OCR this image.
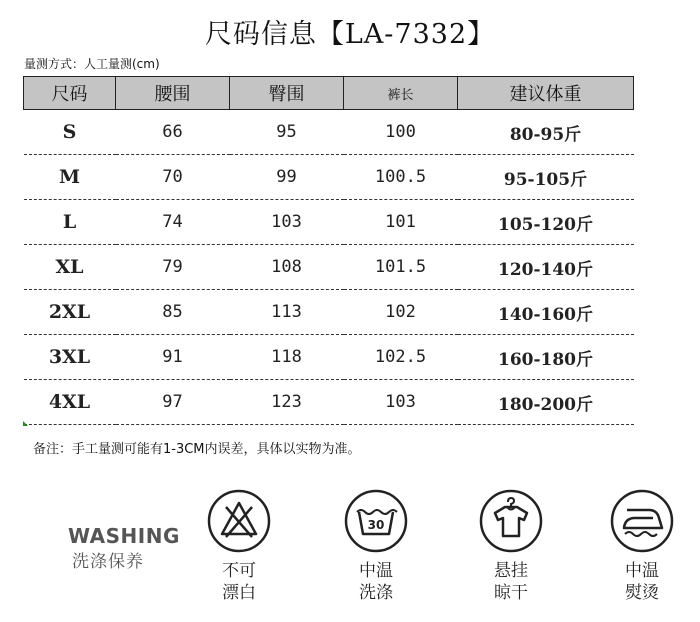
尺码信息【LA-7332】
量测方式：人工量测(cm)
尺码	腰围	臀围	裤长	建议体重
S	66	95	100	80-95斤
M	70	99	100.5	95-105斤
L	74	103	101	105-120斤
XL	79	108	101.5	120-140斤
2XL	85	113	102	140-160斤
3XL	91	118	102.5	160-180斤
4XL	97	123	103	180-200斤
备注：手工量测可能有1-3CM内误差，具体以实物为准。
WASHING
洗涤保养	不可
漂白
30
中温
洗涤
悬挂
晾干
中温
熨烫
